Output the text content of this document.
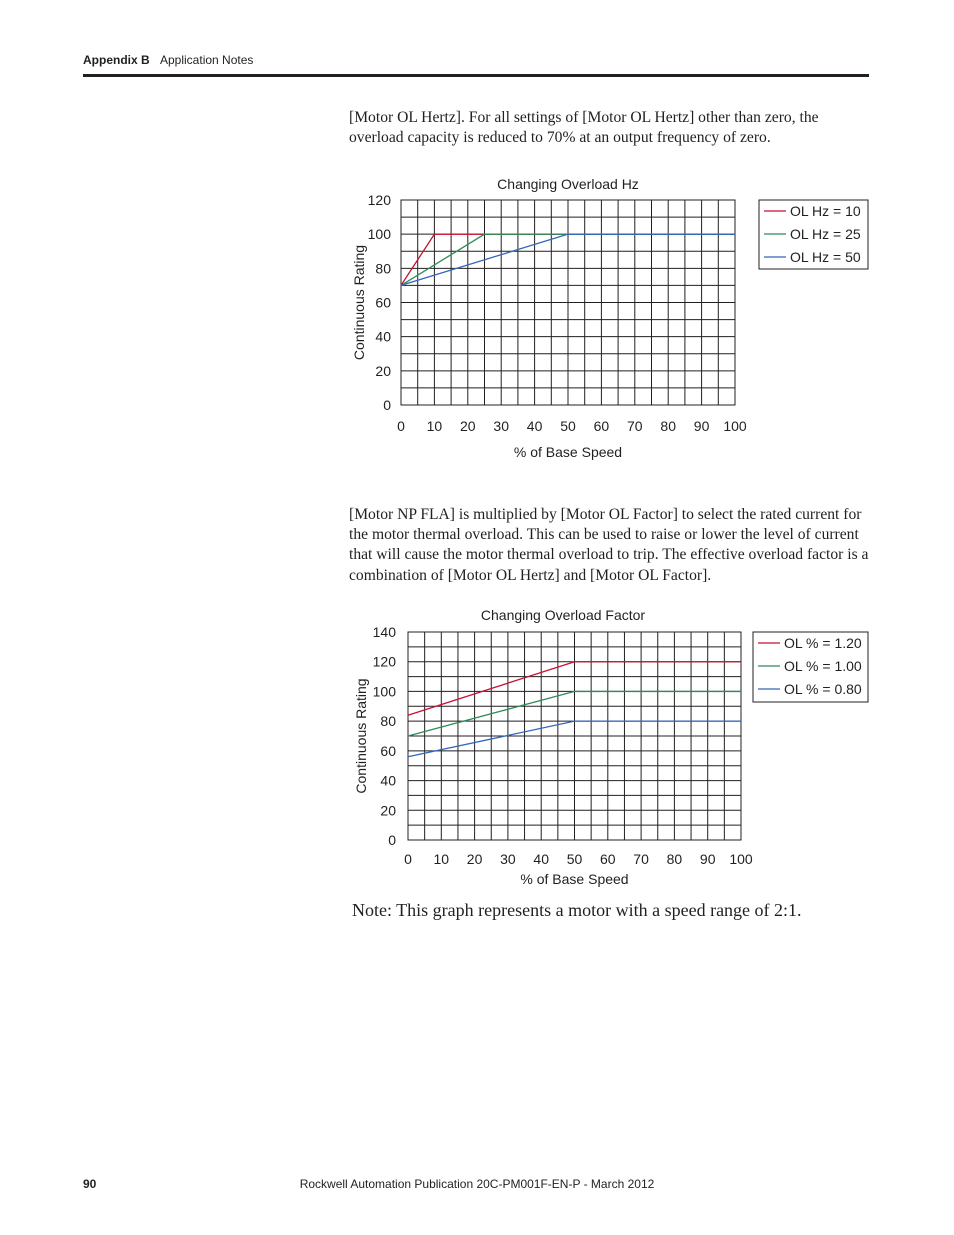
Appendix B Application Notes

[Motor OL Hertz]. For all settings of [Motor OL Hertz] other than zero, the overload capacity is reduced to 70% at an output frequency of zero.

Changing Overload Hz
0
20
40
60
80
100
120
0 10 20 30 40 50 60 70 80 90 100
% of Base Speed
Continuous Rating
OL Hz = 10
OL Hz = 25
OL Hz = 50

[Motor NP FLA] is multiplied by [Motor OL Factor] to select the rated current for the motor thermal overload. This can be used to raise or lower the level of current that will cause the motor thermal overload to trip. The effective overload factor is a combination of [Motor OL Hertz] and [Motor OL Factor].

Changing Overload Factor
0
20
40
60
80
100
120
140
0 10 20 30 40 50 60 70 80 90 100
% of Base Speed
Continuous Rating
OL % = 1.20
OL % = 1.00
OL % = 0.80
Note: This graph represents a motor with a speed range of 2:1.
90	Rockwell Automation Publication 20C-PM001F-EN-P - March 2012
